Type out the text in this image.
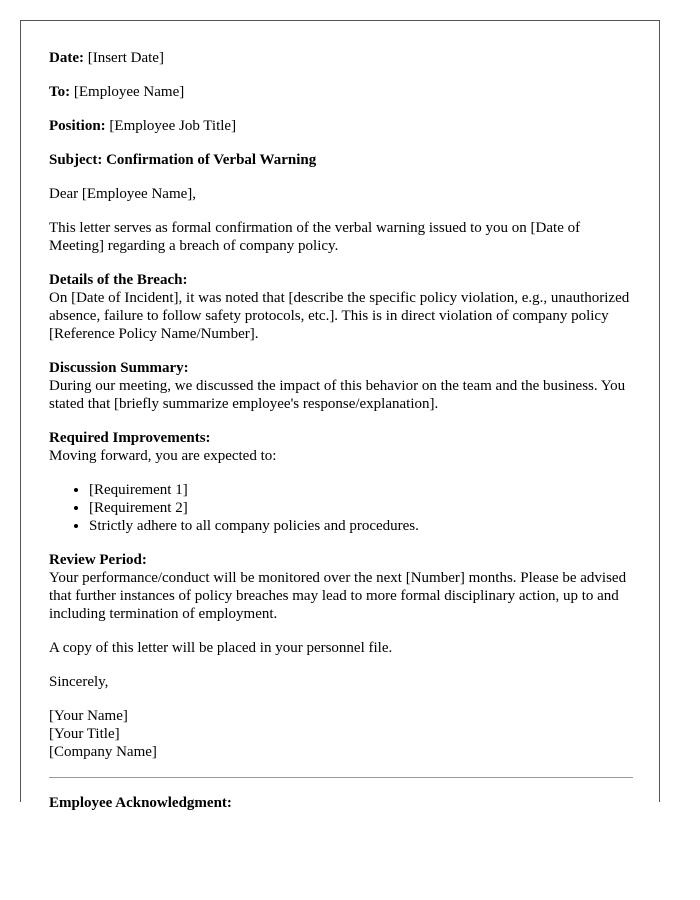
Date: [Insert Date]

To: [Employee Name]

Position: [Employee Job Title]

Subject: Confirmation of Verbal Warning

Dear [Employee Name],

This letter serves as formal confirmation of the verbal warning issued to you on [Date of Meeting] regarding a breach of company policy.

Details of the Breach:
On [Date of Incident], it was noted that [describe the specific policy violation, e.g., unauthorized absence, failure to follow safety protocols, etc.]. This is in direct violation of company policy [Reference Policy Name/Number].

Discussion Summary:
During our meeting, we discussed the impact of this behavior on the team and the business. You stated that [briefly summarize employee's response/explanation].

Required Improvements:
Moving forward, you are expected to:

• [Requirement 1]
• [Requirement 2]
• Strictly adhere to all company policies and procedures.

Review Period:
Your performance/conduct will be monitored over the next [Number] months. Please be advised that further instances of policy breaches may lead to more formal disciplinary action, up to and including termination of employment.

A copy of this letter will be placed in your personnel file.

Sincerely,

[Your Name]
[Your Title]
[Company Name]

Employee Acknowledgment:
